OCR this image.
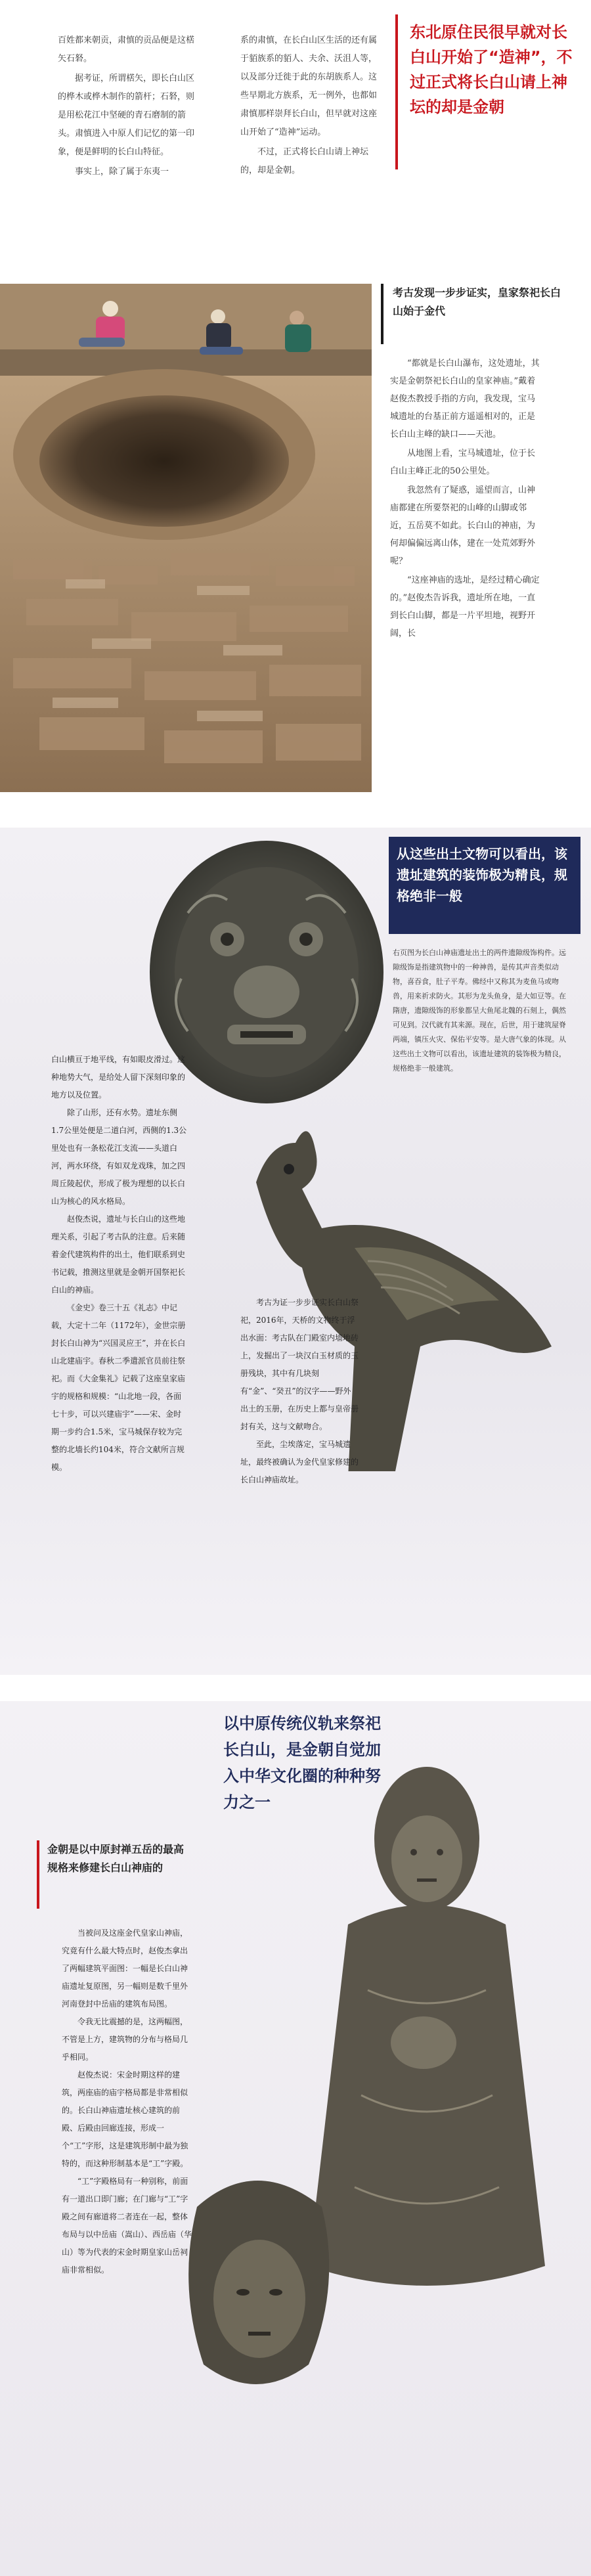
百姓都来朝贡，肃慎的贡品便是这楛矢石砮。

据考证，所谓楛矢，即长白山区的桦木或桦木制作的箭杆；石砮，则是用松花江中坚硬的青石磨制的箭头。肃慎进入中原人们记忆的第一印象，便是鲜明的长白山特征。

事实上，除了属于东夷一

系的肃慎，在长白山区生活的还有属于貊族系的貊人、夫余、沃沮人等，以及部分迁徙于此的东胡族系人。这些早期北方族系，无一例外，也都如肃慎那样崇拜长白山，但早就对这座山开始了“造神”运动。

不过，正式将长白山请上神坛的，却是金朝。

东北原住民很早就对长白山开始了“造神”，不过正式将长白山请上神坛的却是金朝
考古发现一步步证实，皇家祭祀长白山始于金代

“都就是长白山瀑布，这处遗址，其实是金朝祭祀长白山的皇家神庙。”戴着赵俊杰教授手指的方向，我发现，宝马城遗址的台基正前方遥遥相对的，正是长白山主峰的缺口——天池。

从地图上看，宝马城遗址，位于长白山主峰正北的50公里处。

我忽然有了疑惑，遥望而言，山神庙都建在所要祭祀的山峰的山脚或邻近，五岳莫不如此。长白山的神庙，为何却偏偏远离山体，建在一处荒郊野外呢？

“这座神庙的选址，是经过精心确定的。”赵俊杰告诉我，遗址所在地，一直到长白山脚，都是一片平坦地，视野开阔，长

从这些出土文物可以看出，该遗址建筑的装饰极为精良，规格绝非一般
右页图为长白山神庙遗址出土的两件遗隙级饰构件。远隙级饰是指建筑物中的一种神兽，是传其声音类似动物，喜吞食，肚子平寿。佛经中又称其为麦鱼马或吻兽，用来祈求防火。其形为龙头鱼身，是大如豆等。在隋唐，遗隙级饰的形象都呈大鱼尾北魏的石刻上，偶然可见到。汉代就有其来源。现在，后世，用于建筑屋脊两端，镇压火灾、保佑平安等。是大唐气象的体现。从这些出土文物可以看出，该遗址建筑的装饰极为精良，规格绝非一般建筑。

白山横亘于地平线，有如眼皮滑过。这种地势大气，是给处人留下深刻印象的地方以及位置。

除了山形，还有水势。遗址东侧1.7公里处便是二道白河，西侧的1.3公里处也有一条松花江支流——头道白河，两水环绕，有如双龙戏珠，加之四周丘陵起伏，形成了极为理想的以长白山为核心的风水格局。

赵俊杰说，遗址与长白山的这些地理关系，引起了考古队的注意。后来随着金代建筑构件的出土，他们联系到史书记载，推测这里就是金朝开国祭祀长白山的神庙。

《金史》卷三十五《礼志》中记载，大定十二年（1172年），金世宗册封长白山神为“兴国灵应王”，并在长白山北建庙宇。春秋二季遣派官员前往祭祀。而《大金集礼》记载了这座皇家庙宇的规格和规模：“山北地一段，各面七十步，可以兴建庙宇”——宋、金时期一步约合1.5米，宝马城保存较为完整的北墙长约104米，符合文献所言规模。

考古为证一步步证实长白山祭祀，2016年，天桥的文物终于浮出水面：考古队在门殿室内墙地砖上，发掘出了一块汉白玉材质的玉册残块，其中有几块刻有“金”、“癸丑”的汉字——野外出土的玉册，在历史上都与皇帝册封有关，这与文献吻合。

至此，尘埃落定，宝马城遗址，最终被确认为金代皇家修建的长白山神庙故址。

以中原传统仪轨来祭祀长白山，是金朝自觉加入中华文化圈的种种努力之一
金朝是以中原封禅五岳的最高规格来修建长白山神庙的

当被问及这座金代皇家山神庙，究竟有什么最大特点时，赵俊杰拿出了两幅建筑平面图：一幅是长白山神庙遗址复原图，另一幅则是数千里外河南登封中岳庙的建筑布局图。

令我无比震撼的是，这两幅图，不管是上方，建筑物的分布与格局几乎相同。

赵俊杰说：宋金时期这样的建筑，两座庙的庙宇格局都是非常相似的。长白山神庙遗址核心建筑的前殿、后殿由回廊连接，形成一个“工”字形，这是建筑形制中最为独特的，而这种形制基本是“工”字殿。

“工”字殿格局有一种别称，前面有一道出口即门廊；在门廊与“工”字殿之间有廊道将二者连在一起，整体布局与以中岳庙（嵩山）、西岳庙（华山）等为代表的宋金时期皇家山岳祠庙非常相似。
